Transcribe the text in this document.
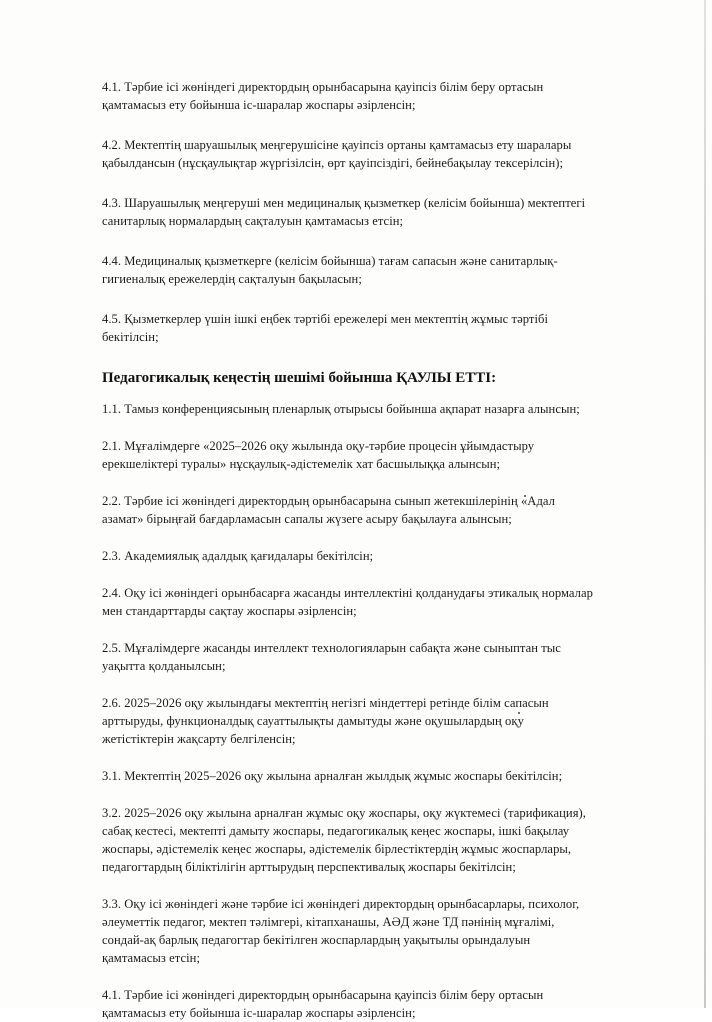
4.1. Тәрбие ісі жөніндегі директордың орынбасарына қауіпсіз білім беру ортасын
қамтамасыз ету бойынша іс-шаралар жоспары әзірленсін;

4.2. Мектептің шаруашылық меңгерушісіне қауіпсіз ортаны қамтамасыз ету шаралары
қабылдансын (нұсқаулықтар жүргізілсін, өрт қауіпсіздігі, бейнебақылау тексерілсін);

4.3. Шаруашылық меңгеруші мен медициналық қызметкер (келісім бойынша) мектептегі
санитарлық нормалардың сақталуын қамтамасыз етсін;

4.4. Медициналық қызметкерге (келісім бойынша) тағам сапасын және санитарлық-
гигиеналық ережелердің сақталуын бақыласын;

4.5. Қызметкерлер үшін ішкі еңбек тәртібі ережелері мен мектептің жұмыс тәртібі
бекітілсін;

Педагогикалық кеңестің шешімі бойынша ҚАУЛЫ ЕТТІ:

1.1. Тамыз конференциясының пленарлық отырысы бойынша ақпарат назарға алынсын;

2.1. Мұғалімдерге «2025–2026 оқу жылында оқу-тәрбие процесін ұйымдастыру
ерекшеліктері туралы» нұсқаулық-әдістемелік хат басшылыққа алынсын;

2.2. Тәрбие ісі жөніндегі директордың орынбасарына сынып жетекшілерінің «Адал
азамат» бірыңғай бағдарламасын сапалы жүзеге асыру бақылауға алынсын;

2.3. Академиялық адалдық қағидалары бекітілсін;

2.4. Оқу ісі жөніндегі орынбасарға жасанды интеллектіні қолданудағы этикалық нормалар
мен стандарттарды сақтау жоспары әзірленсін;

2.5. Мұғалімдерге жасанды интеллект технологияларын сабақта және сыныптан тыс
уақытта қолданылсын;

2.6. 2025–2026 оқу жылындағы мектептің негізгі міндеттері ретінде білім сапасын
арттыруды, функционалдық сауаттылықты дамытуды және оқушылардың оқу
жетістіктерін жақсарту белгіленсін;

3.1. Мектептің 2025–2026 оқу жылына арналған жылдық жұмыс жоспары бекітілсін;

3.2. 2025–2026 оқу жылына арналған жұмыс оқу жоспары, оқу жүктемесі (тарификация),
сабақ кестесі, мектепті дамыту жоспары, педагогикалық кеңес жоспары, ішкі бақылау
жоспары, әдістемелік кеңес жоспары, әдістемелік бірлестіктердің жұмыс жоспарлары,
педагогтардың біліктілігін арттырудың перспективалық жоспары бекітілсін;

3.3. Оқу ісі жөніндегі және тәрбие ісі жөніндегі директордың орынбасарлары, психолог,
әлеуметтік педагог, мектеп тәлімгері, кітапханашы, АӘД және ТД пәнінің мұғалімі,
сондай-ақ барлық педагогтар бекітілген жоспарлардың уақытылы орындалуын
қамтамасыз етсін;

4.1. Тәрбие ісі жөніндегі директордың орынбасарына қауіпсіз білім беру ортасын
қамтамасыз ету бойынша іс-шаралар жоспары әзірленсін;
